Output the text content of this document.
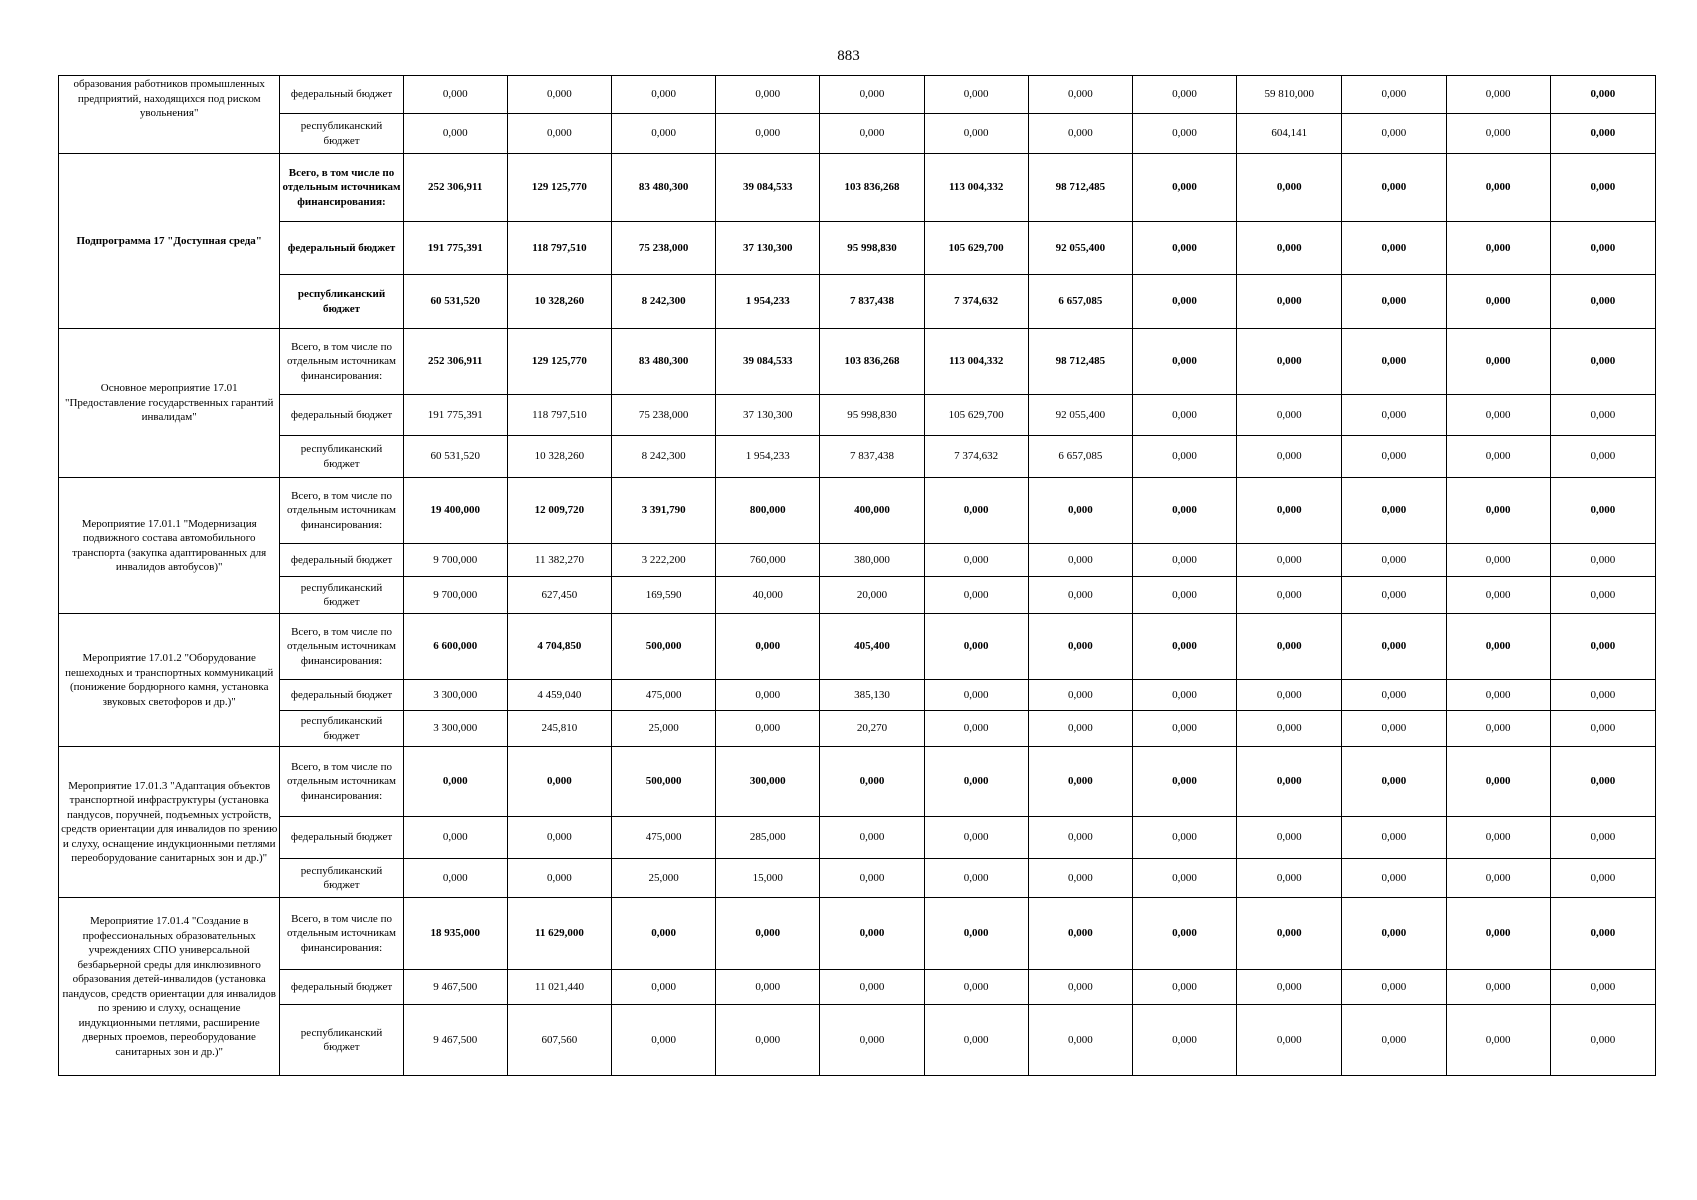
883
образования работников промышленных предприятий, находящихся под риском увольнения"	федеральный бюджет	0,000	0,000	0,000	0,000	0,000	0,000	0,000	0,000	59 810,000	0,000	0,000	0,000
	республиканский бюджет	0,000	0,000	0,000	0,000	0,000	0,000	0,000	0,000	604,141	0,000	0,000	0,000
Подпрограмма 17 "Доступная среда"	Всего, в том числе по отдельным источникам финансирования:	252 306,911	129 125,770	83 480,300	39 084,533	103 836,268	113 004,332	98 712,485	0,000	0,000	0,000	0,000	0,000
	федеральный бюджет	191 775,391	118 797,510	75 238,000	37 130,300	95 998,830	105 629,700	92 055,400	0,000	0,000	0,000	0,000	0,000
	республиканский бюджет	60 531,520	10 328,260	8 242,300	1 954,233	7 837,438	7 374,632	6 657,085	0,000	0,000	0,000	0,000	0,000
Основное мероприятие 17.01 "Предоставление государственных гарантий инвалидам"	Всего, в том числе по отдельным источникам финансирования:	252 306,911	129 125,770	83 480,300	39 084,533	103 836,268	113 004,332	98 712,485	0,000	0,000	0,000	0,000	0,000
	федеральный бюджет	191 775,391	118 797,510	75 238,000	37 130,300	95 998,830	105 629,700	92 055,400	0,000	0,000	0,000	0,000	0,000
	республиканский бюджет	60 531,520	10 328,260	8 242,300	1 954,233	7 837,438	7 374,632	6 657,085	0,000	0,000	0,000	0,000	0,000
Мероприятие 17.01.1 "Модернизация подвижного состава автомобильного транспорта (закупка адаптированных для инвалидов автобусов)"	Всего, в том числе по отдельным источникам финансирования:	19 400,000	12 009,720	3 391,790	800,000	400,000	0,000	0,000	0,000	0,000	0,000	0,000	0,000
	федеральный бюджет	9 700,000	11 382,270	3 222,200	760,000	380,000	0,000	0,000	0,000	0,000	0,000	0,000	0,000
	республиканский бюджет	9 700,000	627,450	169,590	40,000	20,000	0,000	0,000	0,000	0,000	0,000	0,000	0,000
Мероприятие 17.01.2 "Оборудование пешеходных и транспортных коммуникаций (понижение бордюрного камня, установка звуковых светофоров и др.)"	Всего, в том числе по отдельным источникам финансирования:	6 600,000	4 704,850	500,000	0,000	405,400	0,000	0,000	0,000	0,000	0,000	0,000	0,000
	федеральный бюджет	3 300,000	4 459,040	475,000	0,000	385,130	0,000	0,000	0,000	0,000	0,000	0,000	0,000
	республиканский бюджет	3 300,000	245,810	25,000	0,000	20,270	0,000	0,000	0,000	0,000	0,000	0,000	0,000
Мероприятие 17.01.3 "Адаптация объектов транспортной инфраструктуры (установка пандусов, поручней, подъемных устройств, средств ориентации для инвалидов по зрению и слуху, оснащение индукционными петлями переоборудование санитарных зон и др.)"	Всего, в том числе по отдельным источникам финансирования:	0,000	0,000	500,000	300,000	0,000	0,000	0,000	0,000	0,000	0,000	0,000	0,000
	федеральный бюджет	0,000	0,000	475,000	285,000	0,000	0,000	0,000	0,000	0,000	0,000	0,000	0,000
	республиканский бюджет	0,000	0,000	25,000	15,000	0,000	0,000	0,000	0,000	0,000	0,000	0,000	0,000
Мероприятие 17.01.4 "Создание в профессиональных образовательных учреждениях СПО универсальной безбарьерной среды для инклюзивного образования детей-инвалидов (установка пандусов, средств ориентации для инвалидов по зрению и слуху, оснащение индукционными петлями, расширение дверных проемов, переоборудование санитарных зон и др.)"	Всего, в том числе по отдельным источникам финансирования:	18 935,000	11 629,000	0,000	0,000	0,000	0,000	0,000	0,000	0,000	0,000	0,000	0,000
	федеральный бюджет	9 467,500	11 021,440	0,000	0,000	0,000	0,000	0,000	0,000	0,000	0,000	0,000	0,000
	республиканский бюджет	9 467,500	607,560	0,000	0,000	0,000	0,000	0,000	0,000	0,000	0,000	0,000	0,000
